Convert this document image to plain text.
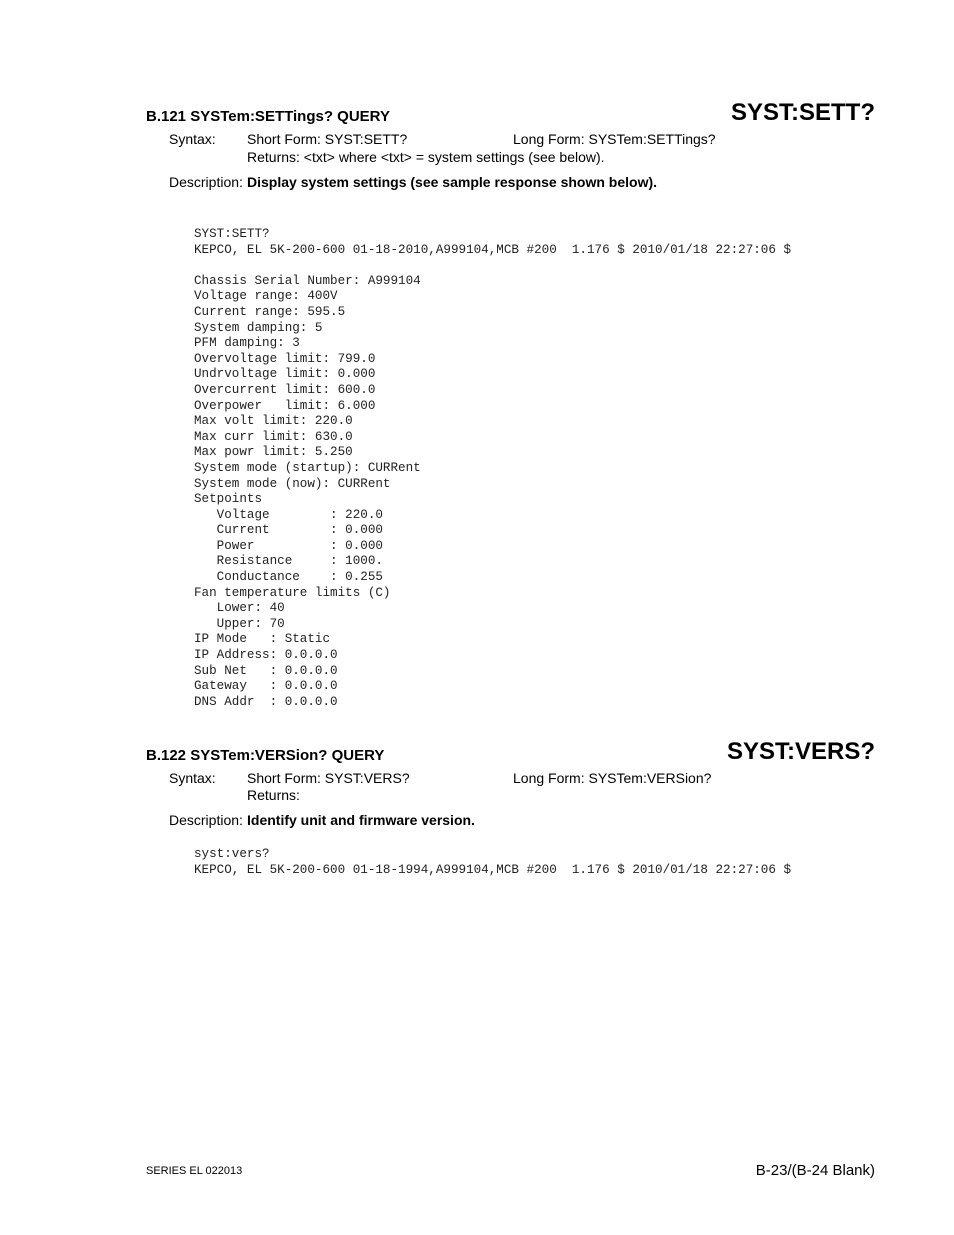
B.121 SYSTem:SETTings? QUERY	SYST:SETT?
Syntax: Short Form: SYST:SETT?	Long Form: SYSTem:SETTings?
Returns: <txt> where <txt> = system settings (see below).
Description: Display system settings (see sample response shown below).
SYST:SETT?
KEPCO, EL 5K-200-600 01-18-2010,A999104,MCB #200  1.176 $ 2010/01/18 22:27:06 $
Chassis Serial Number: A999104
Voltage range: 400V
Current range: 595.5
System damping: 5
PFM damping: 3
Overvoltage limit: 799.0
Undrvoltage limit: 0.000
Overcurrent limit: 600.0
Overpower   limit: 6.000
Max volt limit: 220.0
Max curr limit: 630.0
Max powr limit: 5.250
System mode (startup): CURRent
System mode (now): CURRent
Setpoints
Voltage        : 220.0
Current        : 0.000
Power          : 0.000
Resistance     : 1000.
Conductance    : 0.255
Fan temperature limits (C)
Lower: 40
Upper: 70
IP Mode   : Static
IP Address: 0.0.0.0
Sub Net   : 0.0.0.0
Gateway   : 0.0.0.0
DNS Addr  : 0.0.0.0
B.122 SYSTem:VERSion? QUERY	SYST:VERS?
Syntax: Short Form: SYST:VERS?	Long Form: SYSTem:VERSion?
Returns:
Description: Identify unit and firmware version.
syst:vers?
KEPCO, EL 5K-200-600 01-18-1994,A999104,MCB #200  1.176 $ 2010/01/18 22:27:06 $
SERIES EL 022013	B-23/(B-24 Blank)
